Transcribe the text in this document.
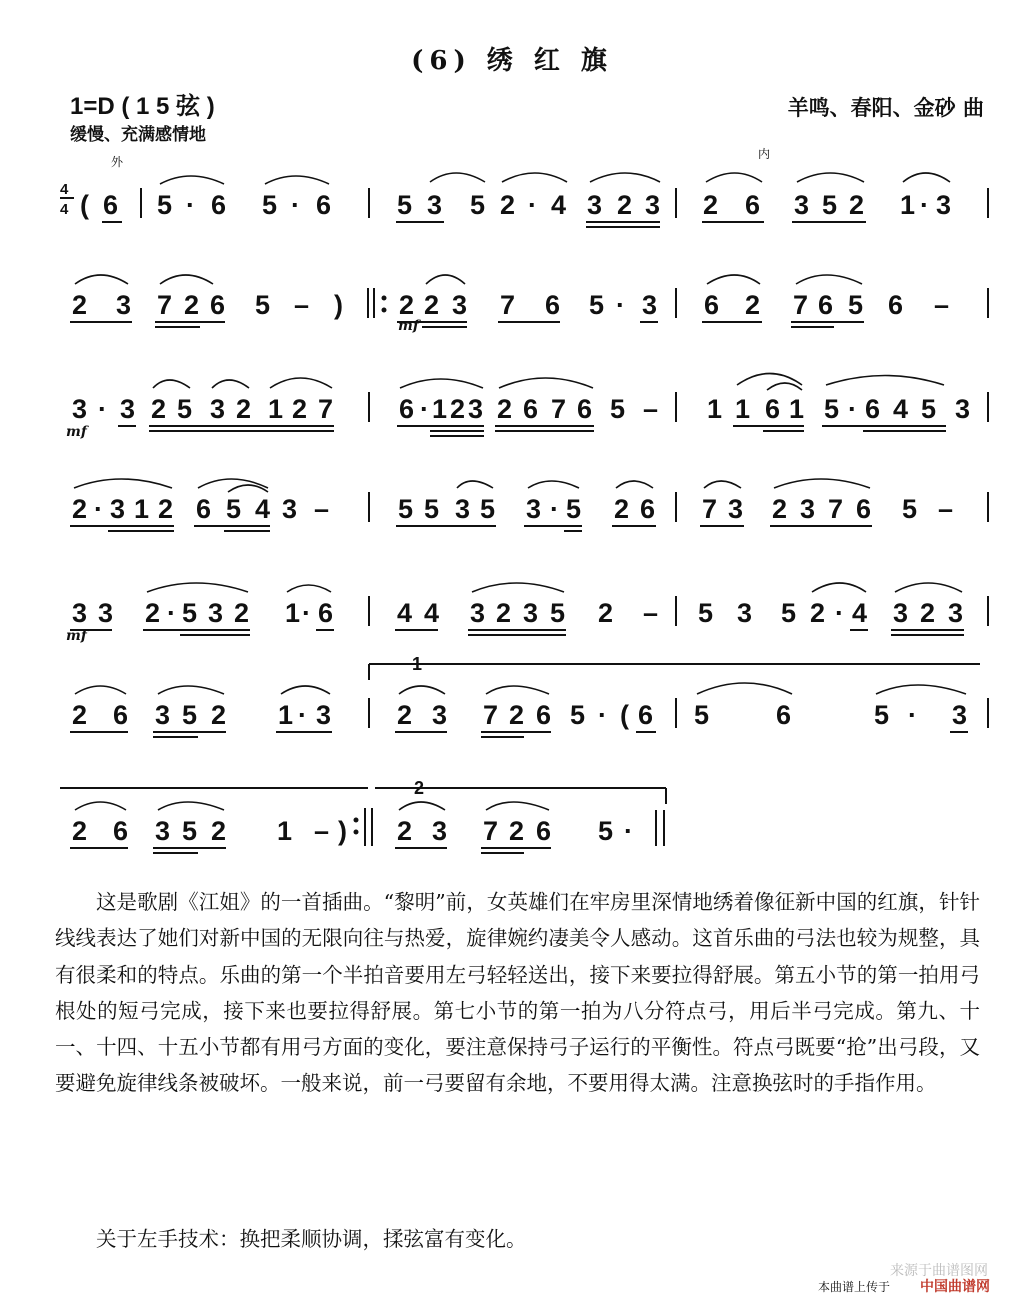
(6) 绣 红 旗
1=D ( 1 5 弦 )
缓慢、充满感情地
羊鸣、春阳、金砂 曲
4
4 ( 6 5 · 6 5 · 6 5 3 5 2 · 4 3 2 3 2 6 3 5 2 1 · 3
外
内
2 3 7 2 6 5 – ) 2 2 3 7 6 5 · 3 6 2 7 6 5 6 –
mf
3 · 3 2 5 3 2 1 2 7 6 · 1 2 3 2 6 7 6 5 – 1 1 6 1 5 · 6 4 5 3
mf
2 · 3 1 2 6 5 4 3 –	5 5 3 5 3 · 5 2 6 7 3 2 3 7 6 5 –
3 3 2 · 5 3 2 1 · 6 4 4 3 2 3 5 2 – 5 3 5 2 · 4 3 2 3
mf
1
2 6 3 5 2 1 · 3 2 3 7 2 6 5 · ( 6 5 6	5 · 3
2
2 6 3 5 2 1 – ) 2 3 7 2 6 5 ·
这是歌剧《江姐》的一首插曲。“黎明”前，女英雄们在牢房里深情地绣着像征新中国的红旗，针针线线表达了她们对新中国的无限向往与热爱，旋律婉约凄美令人感动。这首乐曲的弓法也较为规整，具有很柔和的特点。乐曲的第一个半拍音要用左弓轻轻送出，接下来要拉得舒展。第五小节的第一拍用弓根处的短弓完成，接下来也要拉得舒展。第七小节的第一拍为八分符点弓，用后半弓完成。第九、十一、十四、十五小节都有用弓方面的变化，要注意保持弓子运行的平衡性。符点弓既要“抢”出弓段，又要避免旋律线条被破坏。一般来说，前一弓要留有余地，不要用得太满。注意换弦时的手指作用。
关于左手技术：换把柔顺协调，揉弦富有变化。
来源于曲谱图网
本曲谱上传于 中国曲谱网
